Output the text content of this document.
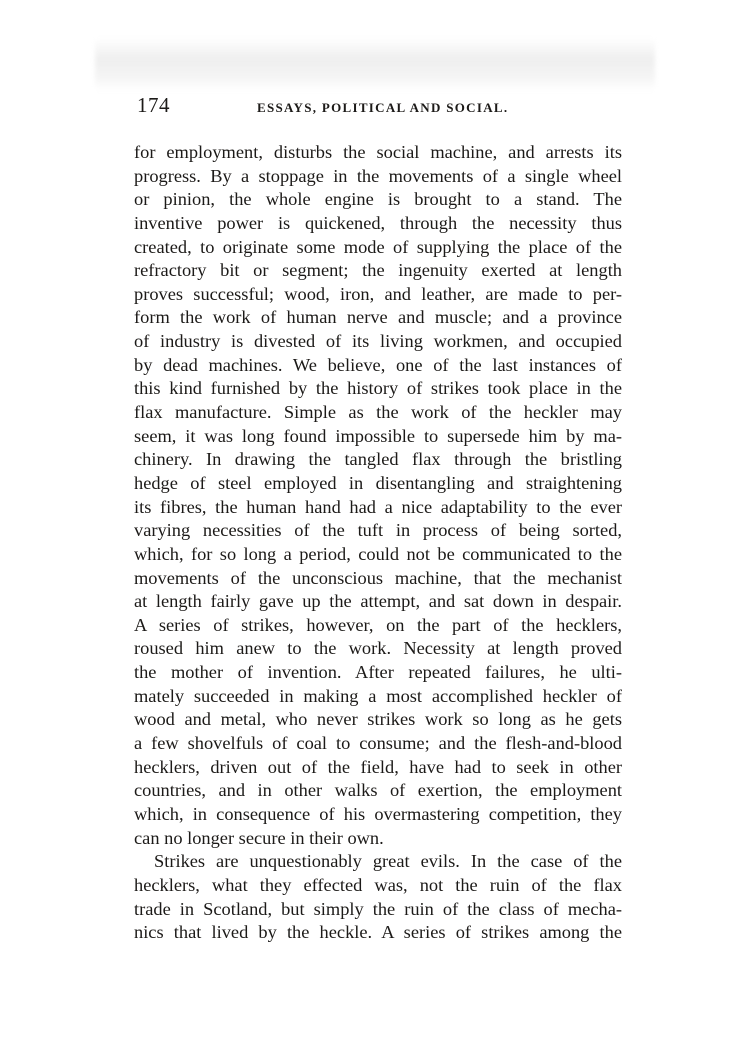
174	ESSAYS, POLITICAL AND SOCIAL.
for employment, disturbs the social machine, and arrests its
progress. By a stoppage in the movements of a single wheel
or pinion, the whole engine is brought to a stand. The
inventive power is quickened, through the necessity thus
created, to originate some mode of supplying the place of the
refractory bit or segment; the ingenuity exerted at length
proves successful; wood, iron, and leather, are made to per-
form the work of human nerve and muscle; and a province
of industry is divested of its living workmen, and occupied
by dead machines. We believe, one of the last instances of
this kind furnished by the history of strikes took place in the
flax manufacture. Simple as the work of the heckler may
seem, it was long found impossible to supersede him by ma-
chinery. In drawing the tangled flax through the bristling
hedge of steel employed in disentangling and straightening
its fibres, the human hand had a nice adaptability to the ever
varying necessities of the tuft in process of being sorted,
which, for so long a period, could not be communicated to the
movements of the unconscious machine, that the mechanist
at length fairly gave up the attempt, and sat down in despair.
A series of strikes, however, on the part of the hecklers,
roused him anew to the work. Necessity at length proved
the mother of invention. After repeated failures, he ulti-
mately succeeded in making a most accomplished heckler of
wood and metal, who never strikes work so long as he gets
a few shovelfuls of coal to consume; and the flesh-and-blood
hecklers, driven out of the field, have had to seek in other
countries, and in other walks of exertion, the employment
which, in consequence of his overmastering competition, they
can no longer secure in their own.
Strikes are unquestionably great evils. In the case of the
hecklers, what they effected was, not the ruin of the flax
trade in Scotland, but simply the ruin of the class of mecha-
nics that lived by the heckle. A series of strikes among the
